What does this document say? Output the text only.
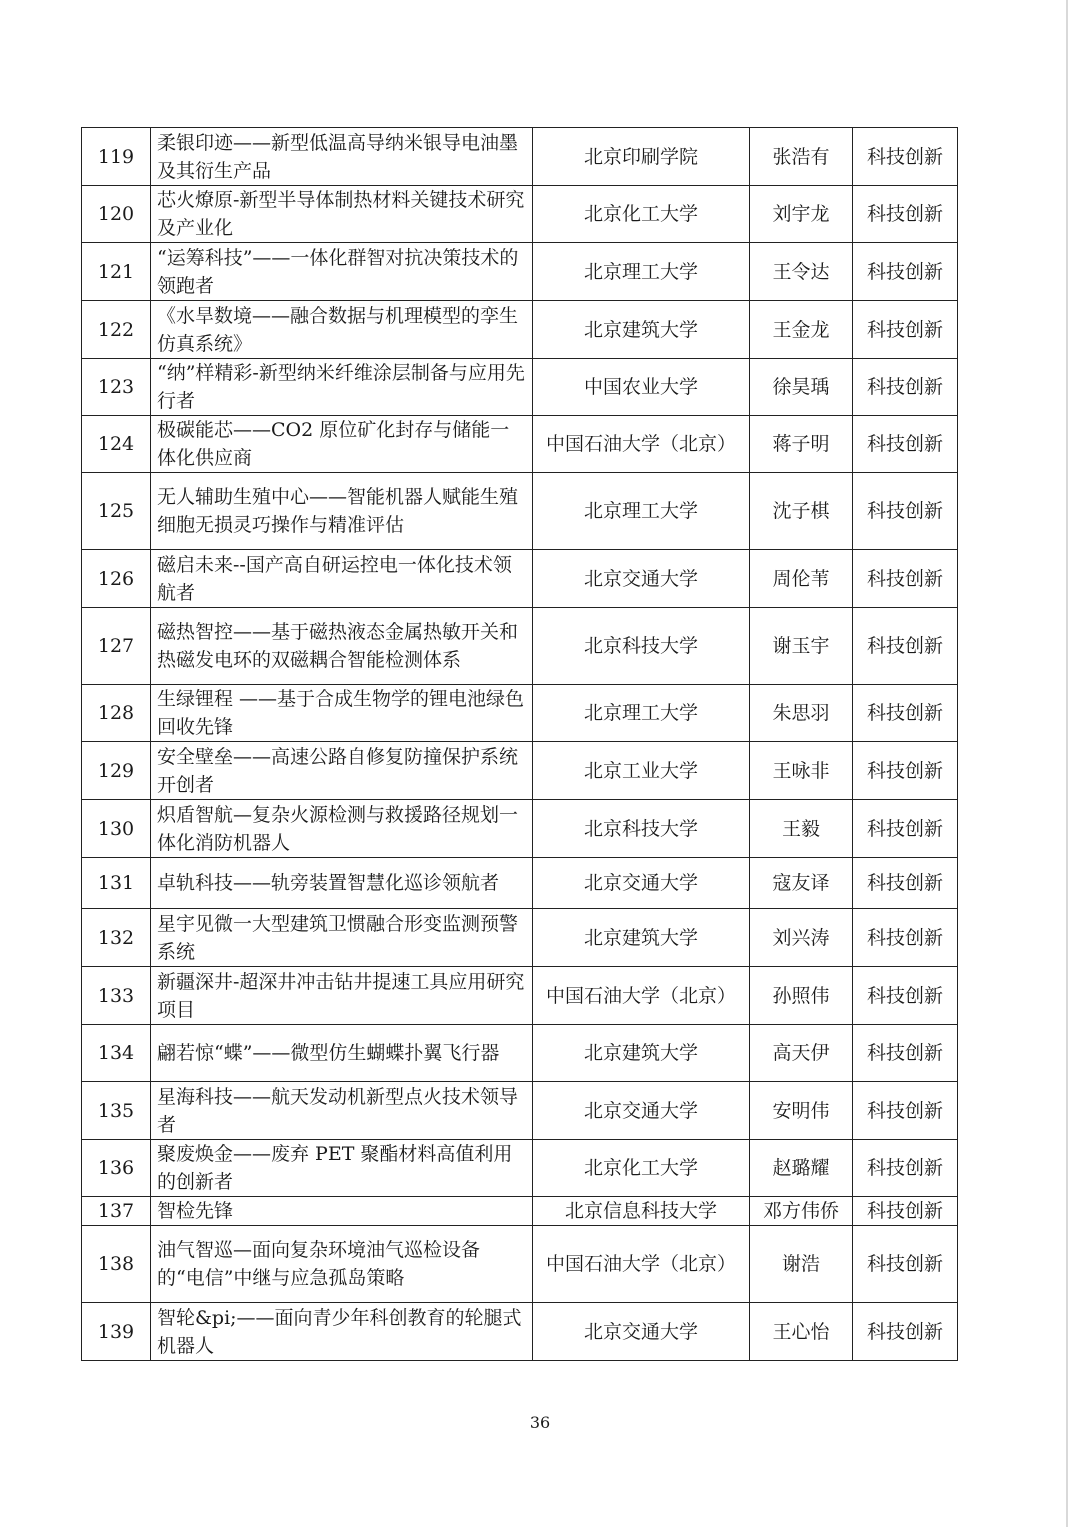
119	柔银印迹——新型低温高导纳米银导电油墨及其衍生产品	北京印刷学院	张浩有	科技创新
120	芯火燎原-新型半导体制热材料关键技术研究及产业化	北京化工大学	刘宇龙	科技创新
121	“运筹科技”——一体化群智对抗决策技术的领跑者	北京理工大学	王令达	科技创新
122	《水旱数境——融合数据与机理模型的孪生仿真系统》	北京建筑大学	王金龙	科技创新
123	“纳”样精彩-新型纳米纤维涂层制备与应用先行者	中国农业大学	徐昊瑀	科技创新
124	极碳能芯——CO2 原位矿化封存与储能一体化供应商	中国石油大学（北京）	蒋子明	科技创新
125	无人辅助生殖中心——智能机器人赋能生殖细胞无损灵巧操作与精准评估	北京理工大学	沈子棋	科技创新
126	磁启未来--国产高自研运控电一体化技术领航者	北京交通大学	周伦苇	科技创新
127	磁热智控——基于磁热液态金属热敏开关和热磁发电环的双磁耦合智能检测体系	北京科技大学	谢玉宇	科技创新
128	生绿锂程 ——基于合成生物学的锂电池绿色回收先锋	北京理工大学	朱思羽	科技创新
129	安全壁垒——高速公路自修复防撞保护系统开创者	北京工业大学	王咏非	科技创新
130	炽盾智航—复杂火源检测与救援路径规划一体化消防机器人	北京科技大学	王毅	科技创新
131	卓轨科技——轨旁装置智慧化巡诊领航者	北京交通大学	寇友译	科技创新
132	星宇见微一大型建筑卫惯融合形变监测预警系统	北京建筑大学	刘兴涛	科技创新
133	新疆深井-超深井冲击钻井提速工具应用研究项目	中国石油大学（北京）	孙照伟	科技创新
134	翩若惊“蝶”——微型仿生蝴蝶扑翼飞行器	北京建筑大学	高天伊	科技创新
135	星海科技——航天发动机新型点火技术领导者	北京交通大学	安明伟	科技创新
136	聚废焕金——废弃 PET 聚酯材料高值利用的创新者	北京化工大学	赵璐耀	科技创新
137	智检先锋	北京信息科技大学	邓方伟侨	科技创新
138	油气智巡—面向复杂环境油气巡检设备的“电信”中继与应急孤岛策略	中国石油大学（北京）	谢浩	科技创新
139	智轮&pi;——面向青少年科创教育的轮腿式机器人	北京交通大学	王心怡	科技创新
36
